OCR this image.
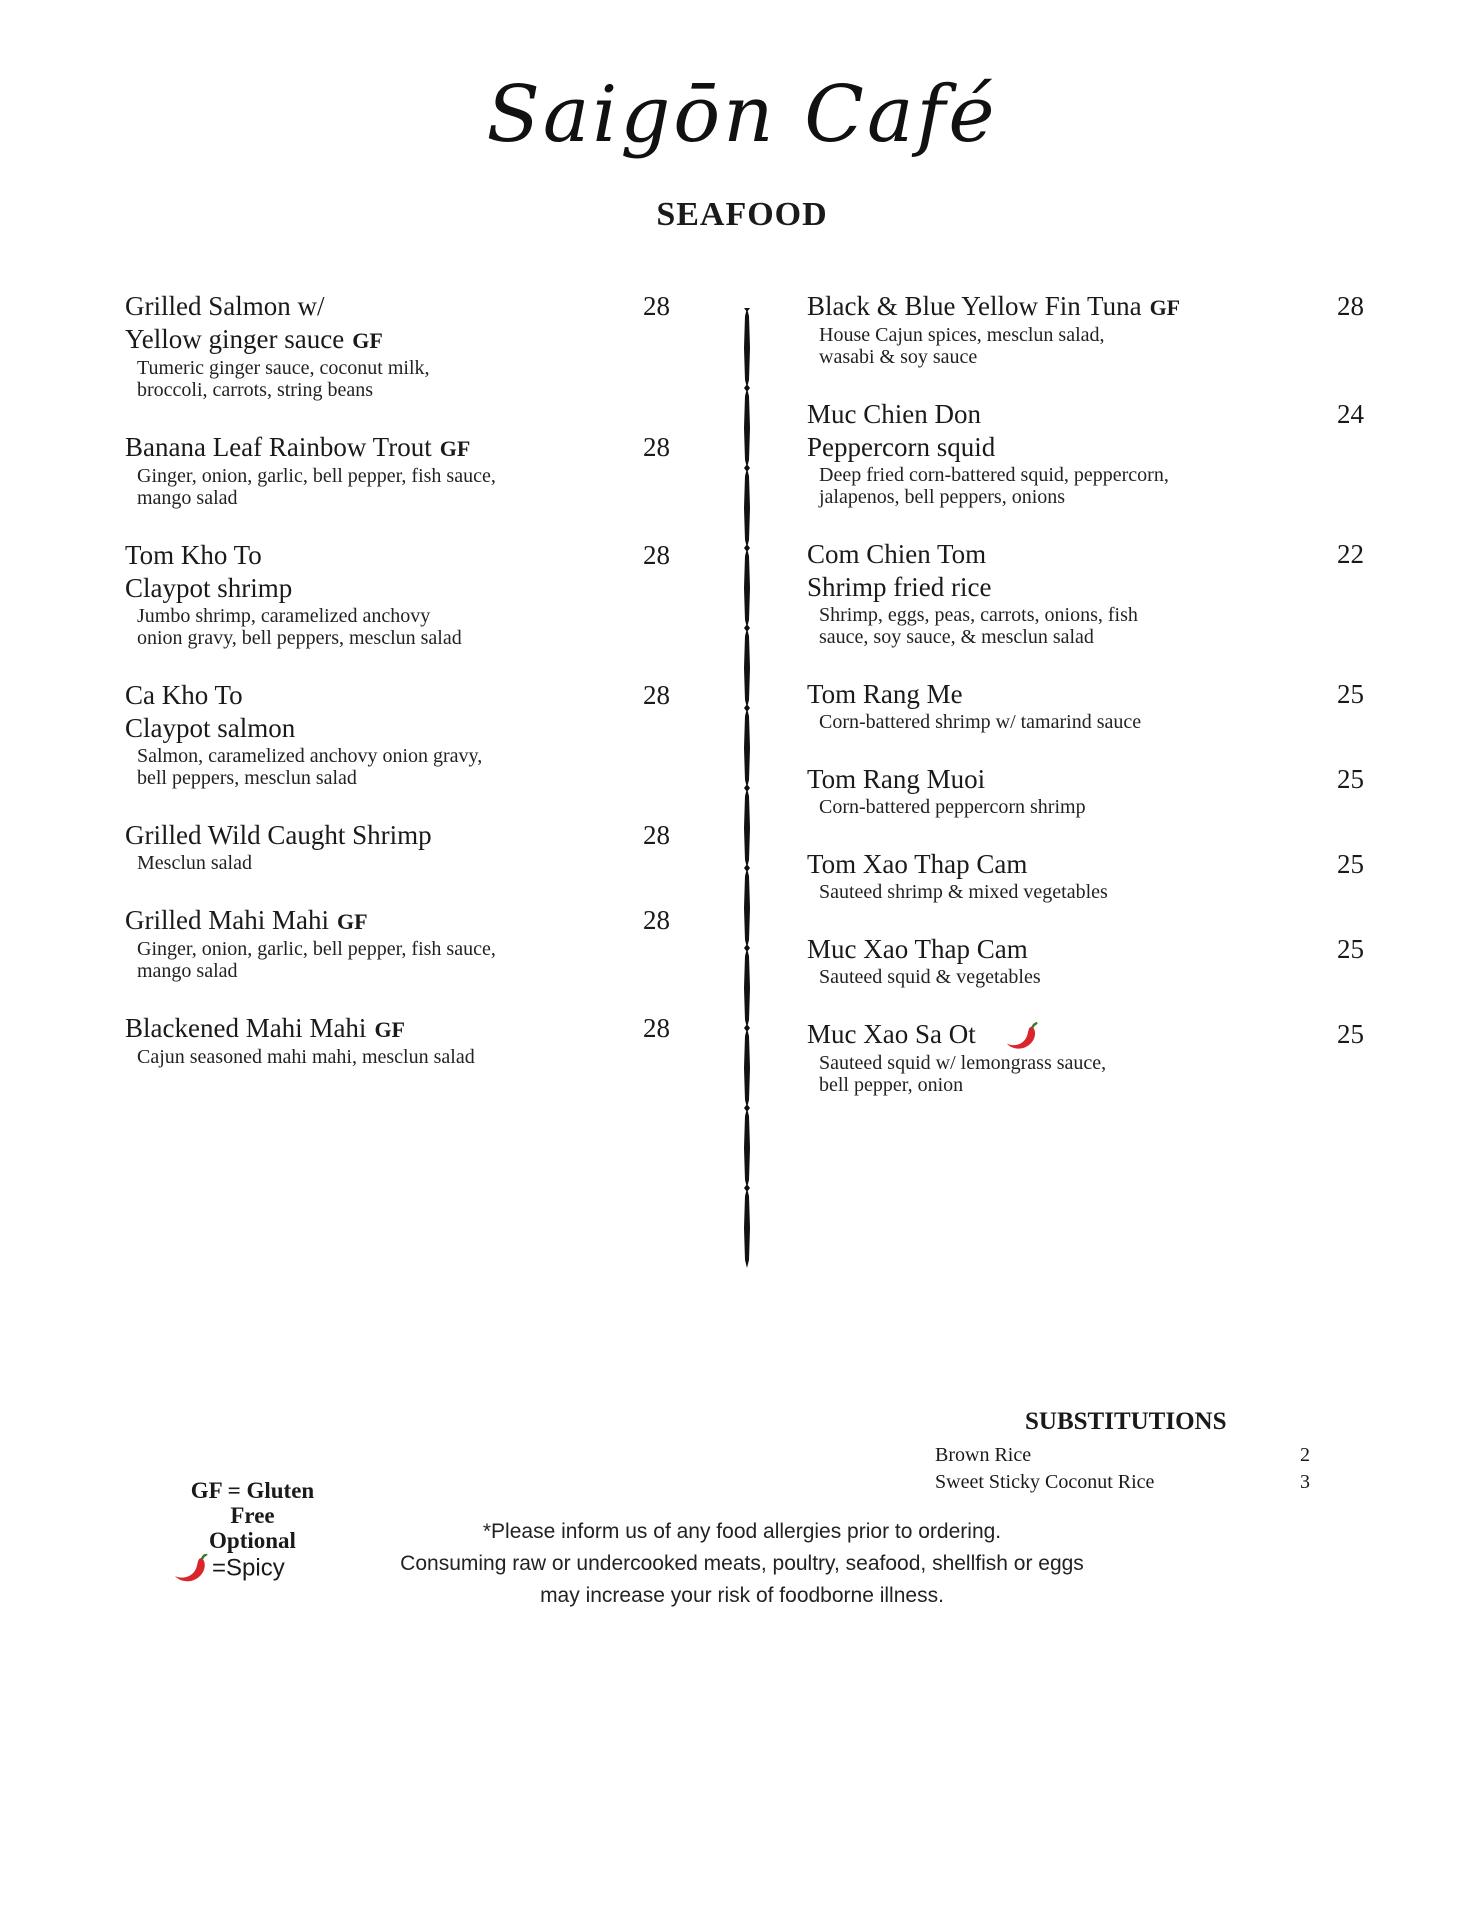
Saigōn Café
SEAFOOD
Grilled Salmon w/
Yellow ginger sauce GF
28
Tumeric ginger sauce, coconut milk,
broccoli, carrots, string beans
Banana Leaf Rainbow Trout GF	28
Ginger, onion, garlic, bell pepper, fish sauce,
mango salad
Tom Kho To
Claypot shrimp
28
Jumbo shrimp, caramelized anchovy
onion gravy, bell peppers, mesclun salad
Ca Kho To
Claypot salmon
28
Salmon, caramelized anchovy onion gravy,
bell peppers, mesclun salad
Grilled Wild Caught Shrimp	28
Mesclun salad
Grilled Mahi Mahi GF	28
Ginger, onion, garlic, bell pepper, fish sauce,
mango salad
Blackened Mahi Mahi GF	28
Cajun seasoned mahi mahi, mesclun salad
Black & Blue Yellow Fin Tuna GF	28
House Cajun spices, mesclun salad,
wasabi & soy sauce
Muc Chien Don
Peppercorn squid
24
Deep fried corn-battered squid, peppercorn,
jalapenos, bell peppers, onions
Com Chien Tom
Shrimp fried rice
22
Shrimp, eggs, peas, carrots, onions, fish
sauce, soy sauce, & mesclun salad
Tom Rang Me	25
Corn-battered shrimp w/ tamarind sauce
Tom Rang Muoi	25
Corn-battered peppercorn shrimp
Tom Xao Thap Cam	25
Sauteed shrimp & mixed vegetables
Muc Xao Thap Cam	25
Sauteed squid & vegetables
Muc Xao Sa Ot	25
Sauteed squid w/ lemongrass sauce,
bell pepper, onion
SUBSTITUTIONS
Brown Rice	2
Sweet Sticky Coconut Rice	3
GF = Gluten
Free
Optional
=Spicy
*Please inform us of any food allergies prior to ordering.
Consuming raw or undercooked meats, poultry, seafood, shellfish or eggs
may increase your risk of foodborne illness.
